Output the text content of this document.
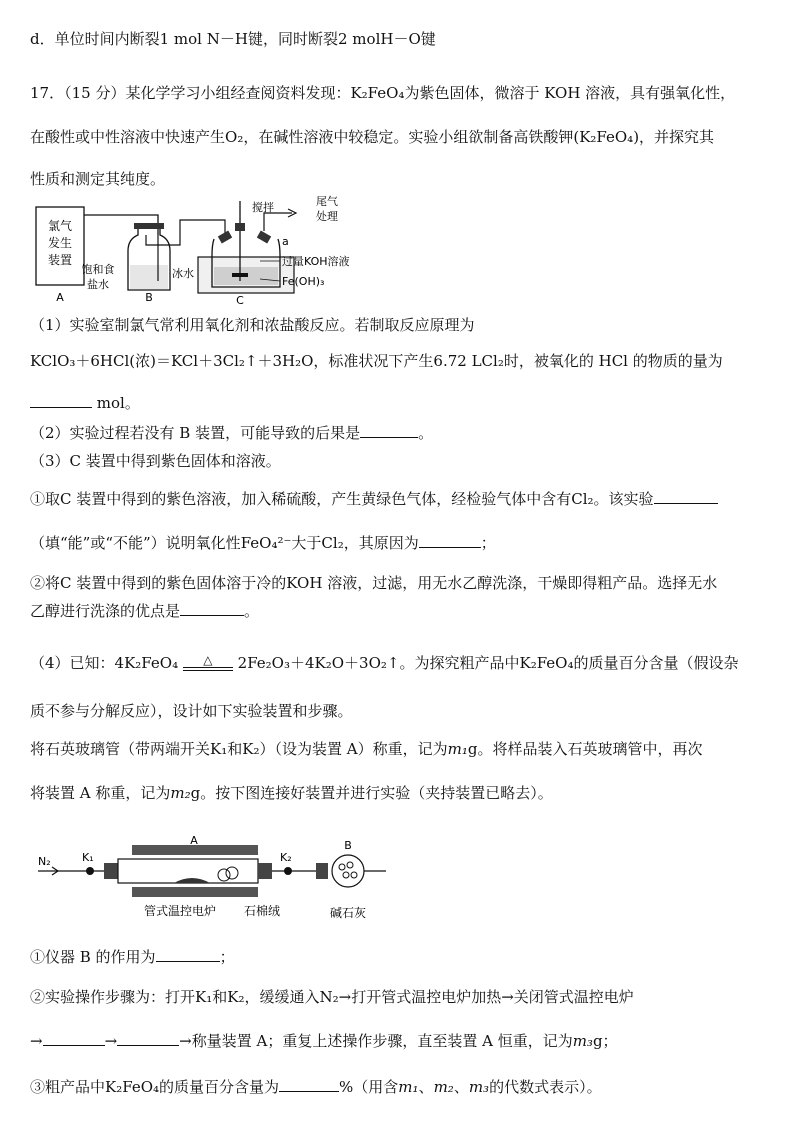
d．单位时间内断裂1 mol N－H键，同时断裂2 molH－O键
17．（15 分）某化学学习小组经查阅资料发现：K₂FeO₄为紫色固体，微溶于 KOH 溶液，具有强氧化性，
在酸性或中性溶液中快速产生O₂，在碱性溶液中较稳定。实验小组欲制备高铁酸钾(K₂FeO₄)，并探究其
性质和测定其纯度。
氯气
发生
装置
A
饱和食
盐水
B
搅拌	尾气
处理
冰水
a
过量KOH溶液
Fe(OH)₃
C
（1）实验室制氯气常利用氧化剂和浓盐酸反应。若制取反应原理为
KClO₃＋6HCl(浓)＝KCl＋3Cl₂↑＋3H₂O，标准状况下产生6.72 LCl₂时，被氧化的 HCl 的物质的量为
mol。
（2）实验过程若没有 B 装置，可能导致的后果是	。
（3）C 装置中得到紫色固体和溶液。
①取C 装置中得到的紫色溶液，加入稀硫酸，产生黄绿色气体，经检验气体中含有Cl₂。该实验
（填“能”或“不能”）说明氧化性FeO₄²⁻大于Cl₂，其原因为	；
②将C 装置中得到的紫色固体溶于冷的KOH 溶液，过滤，用无水乙醇洗涤，干燥即得粗产品。选择无水
乙醇进行洗涤的优点是	。
（4）已知：4K₂FeO₄	△	2Fe₂O₃＋4K₂O＋3O₂↑。为探究粗产品中K₂FeO₄的质量百分含量（假设杂
质不参与分解反应），设计如下实验装置和步骤。
将石英玻璃管（带两端开关K₁和K₂）（设为装置 A）称重，记为m₁g。将样品装入石英玻璃管中，再次
将装置 A 称重，记为m₂g。按下图连接好装置并进行实验（夹持装置已略去）。
N₂	K₁
A
K₂
B
管式温控电炉 石棉绒	碱石灰
①仪器 B 的作用为	；
②实验操作步骤为：打开K₁和K₂，缓缓通入N₂→打开管式温控电炉加热→关闭管式温控电炉
→	→	→称量装置 A；重复上述操作步骤，直至装置 A 恒重，记为m₃g；
③粗产品中K₂FeO₄的质量百分含量为	%（用含m₁、m₂、m₃的代数式表示）。
